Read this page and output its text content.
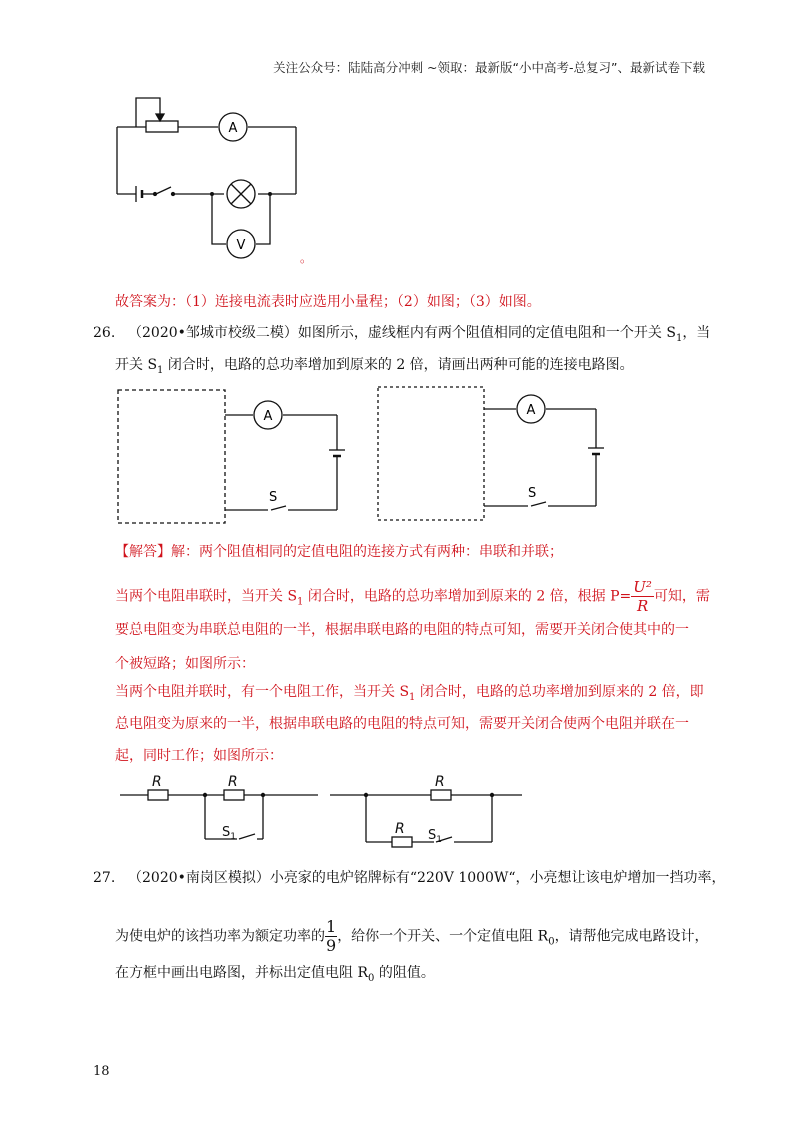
关注公众号：陆陆高分冲刺 ~领取：最新版“小中高考-总复习”、最新试卷下载
A
V
。
故答案为：（1）连接电流表时应选用小量程；（2）如图；（3）如图。
26. （2020•邹城市校级二模）如图所示，虚线框内有两个阻值相同的定值电阻和一个开关 $S_1$，当
开关 $S_1$ 闭合时，电路的总功率增加到原来的 2 倍，请画出两种可能的连接电路图。
A	A
S	S
【解答】解：两个阻值相同的定值电阻的连接方式有两种：串联和并联；
当两个电阻串联时，当开关 $S_1$ 闭合时，电路的总功率增加到原来的 2 倍，根据 $P= \frac{\text{U²}}{R}$ 可知，需
要总电阻变为串联总电阻的一半，根据串联电路的电阻的特点可知，需要开关闭合使其中的一
个被短路；如图所示：
当两个电阻并联时，有一个电阻工作，当开关 $S_1$ 闭合时，电路的总功率增加到原来的 2 倍，即
总电阻变为原来的一半，根据串联电路的电阻的特点可知，需要开关闭合使两个电阻并联在一
起，同时工作；如图所示：
R	R	R
R
$S_1$	$S_1$
27. （2020•南岗区模拟）小亮家的电炉铭牌标有“220V 1000W“，小亮想让该电炉增加一挡功率，
为使电炉的该挡功率为额定功率的 $\frac{1}{9}$ ，给你一个开关、一个定值电阻 $R_0$，请帮他完成电路设计，
在方框中画出电路图，并标出定值电阻 $R_0$ 的阻值。
18
